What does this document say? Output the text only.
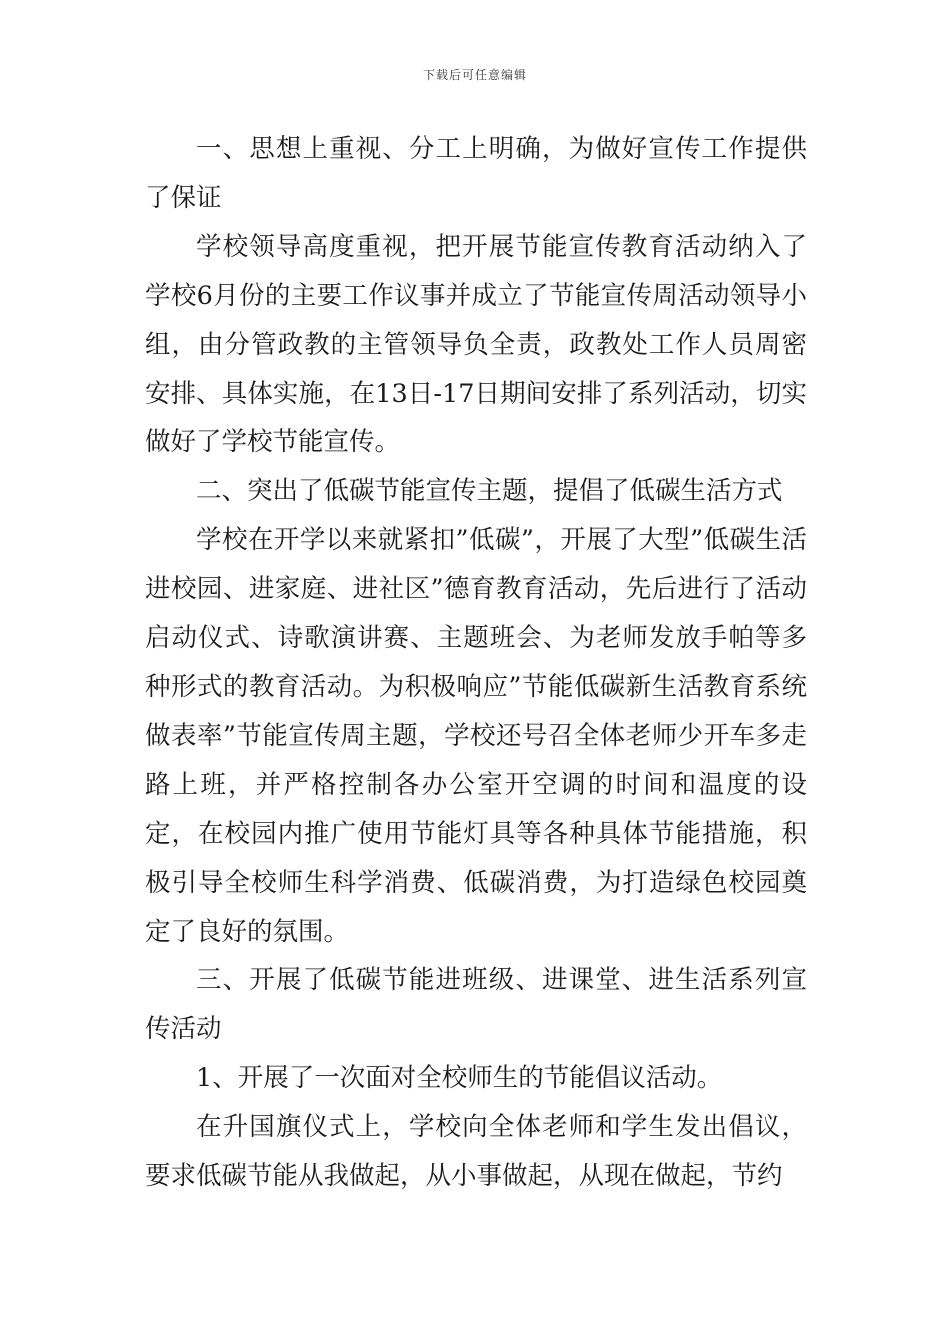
下载后可任意编辑

一、思想上重视、分工上明确，为做好宣传工作提供了保证

学校领导高度重视，把开展节能宣传教育活动纳入了学校6月份的主要工作议事并成立了节能宣传周活动领导小组，由分管政教的主管领导负全责，政教处工作人员周密安排、具体实施，在13日-17日期间安排了系列活动，切实做好了学校节能宣传。

二、突出了低碳节能宣传主题，提倡了低碳生活方式

学校在开学以来就紧扣”低碳”，开展了大型”低碳生活进校园、进家庭、进社区”德育教育活动，先后进行了活动启动仪式、诗歌演讲赛、主题班会、为老师发放手帕等多种形式的教育活动。为积极响应”节能低碳新生活教育系统做表率”节能宣传周主题，学校还号召全体老师少开车多走路上班，并严格控制各办公室开空调的时间和温度的设定，在校园内推广使用节能灯具等各种具体节能措施，积极引导全校师生科学消费、低碳消费，为打造绿色校园奠定了良好的氛围。

三、开展了低碳节能进班级、进课堂、进生活系列宣传活动

1、开展了一次面对全校师生的节能倡议活动。

在升国旗仪式上，学校向全体老师和学生发出倡议，要求低碳节能从我做起，从小事做起，从现在做起，节约
